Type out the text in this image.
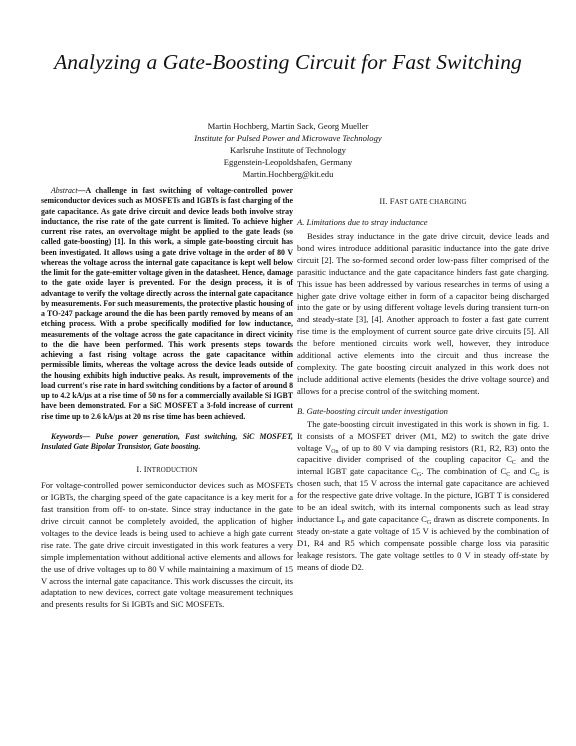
Analyzing a Gate-Boosting Circuit for Fast Switching
Martin Hochberg, Martin Sack, Georg Mueller
Institute for Pulsed Power and Microwave Technology
Karlsruhe Institute of Technology
Eggenstein-Leopoldshafen, Germany
Martin.Hochberg@kit.edu

Abstract—A challenge in fast switching of voltage-controlled power semiconductor devices such as MOSFETs and IGBTs is fast charging of the gate capacitance. As gate drive circuit and device leads both involve stray inductance, the rise rate of the gate current is limited. To achieve higher current rise rates, an overvoltage might be applied to the gate leads (so called gate-boosting) [1]. In this work, a simple gate-boosting circuit has been investigated. It allows using a gate drive voltage in the order of 80 V whereas the voltage across the internal gate capacitance is kept well below the limit for the gate-emitter voltage given in the datasheet. Hence, damage to the gate oxide layer is prevented. For the design process, it is of advantage to verify the voltage directly across the internal gate capacitance by measurements. For such measurements, the protective plastic housing of a TO-247 package around the die has been partly removed by means of an etching process. With a probe specifically modified for low inductance, measurements of the voltage across the gate capacitance in direct vicinity to the die have been performed. This work presents steps towards achieving a fast rising voltage across the gate capacitance within permissible limits, whereas the voltage across the device leads outside of the housing exhibits high inductive peaks. As result, improvements of the load current's rise rate in hard switching conditions by a factor of around 8 up to 4.2 kA/µs at a rise time of 50 ns for a commercially available Si IGBT have been demonstrated. For a SiC MOSFET a 3-fold increase of current rise time up to 2.6 kA/µs at 20 ns rise time has been achieved.

Keywords— Pulse power generation, Fast switching, SiC MOSFET, Insulated Gate Bipolar Transistor, Gate boosting.

I. INTRODUCTION

For voltage-controlled power semiconductor devices such as MOSFETs or IGBTs, the charging speed of the gate capacitance is a key merit for a fast transition from off- to on-state. Since stray inductance in the gate drive circuit cannot be completely avoided, the application of higher voltages to the device leads is being used to achieve a high gate current rise rate. The gate drive circuit investigated in this work features a very simple implementation without additional active elements and allows for the use of drive voltages up to 80 V while maintaining a maximum of 15 V across the internal gate capacitance. This work discusses the circuit, its adaptation to new devices, correct gate voltage measurement techniques and presents results for Si IGBTs and SiC MOSFETs.

II. FAST GATE CHARGING
A. Limitations due to stray inductance

Besides stray inductance in the gate drive circuit, device leads and bond wires introduce additional parasitic inductance into the gate drive circuit [2]. The so-formed second order low-pass filter comprised of the parasitic inductance and the gate capacitance hinders fast gate charging. This issue has been addressed by various researches in terms of using a higher gate drive voltage either in form of a capacitor being discharged into the gate or by using different voltage levels during transient turn-on and steady-state [3], [4]. Another approach to foster a fast gate current rise time is the employment of current source gate drive circuits [5]. All the before mentioned circuits work well, however, they introduce additional active elements into the circuit and thus increase the complexity. The gate boosting circuit analyzed in this work does not include additional active elements (besides the drive voltage source) and allows for a precise control of the switching moment.

B. Gate-boosting circuit under investigation

The gate-boosting circuit investigated in this work is shown in fig. 1. It consists of a MOSFET driver (M1, M2) to switch the gate drive voltage $V_{On}$ of up to 80 V via damping resistors (R1, R2, R3) onto the capacitive divider comprised of the coupling capacitor $C_C$ and the internal IGBT gate capacitance $C_G$. The combination of $C_C$ and $C_G$ is chosen such, that 15 V across the internal gate capacitance are achieved for the respective gate drive voltage. In the picture, IGBT T is considered to be an ideal switch, with its internal components such as lead stray inductance $L_P$ and gate capacitance $C_G$ drawn as discrete components. In steady on-state a gate voltage of 15 V is achieved by the combination of D1, R4 and R5 which compensate possible charge loss via parasitic leakage resistors. The gate voltage settles to 0 V in steady off-state by means of diode D2.
